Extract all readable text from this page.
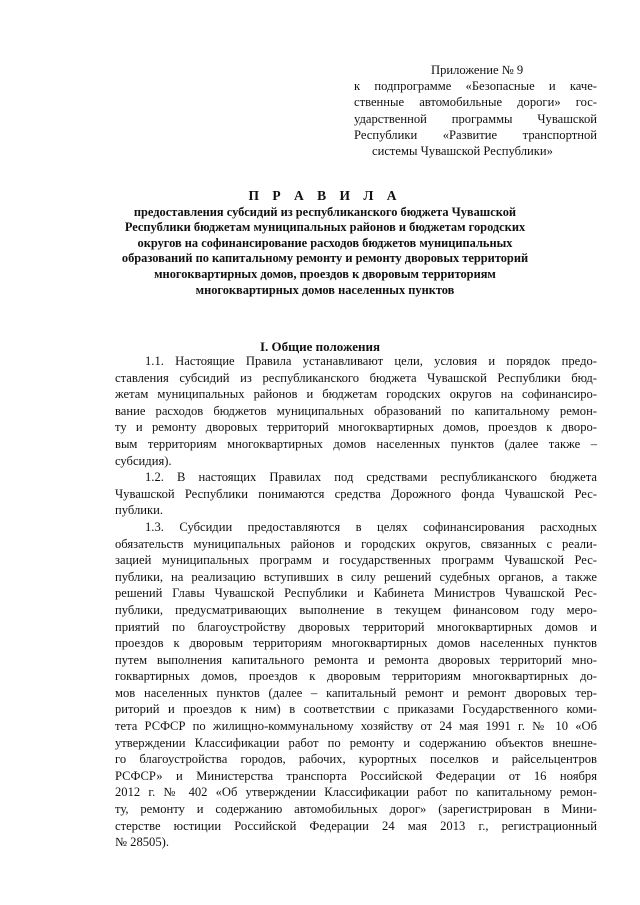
Приложение № 9
к подпрограмме «Безопасные и каче-
ственные автомобильные дороги» гос-
ударственной программы Чувашской
Республики «Развитие транспортной
системы Чувашской Республики»
П Р А В И Л А
предоставления субсидий из республиканского бюджета Чувашской
Республики бюджетам муниципальных районов и бюджетам городских
округов на софинансирование расходов бюджетов муниципальных
образований по капитальному ремонту и ремонту дворовых территорий
многоквартирных домов, проездов к дворовым территориям
многоквартирных домов населенных пунктов
I. Общие положения

1.1. Настоящие Правила устанавливают цели, условия и порядок предо-
ставления субсидий из республиканского бюджета Чувашской Республики бюд-
жетам муниципальных районов и бюджетам городских округов на софинансиро-
вание расходов бюджетов муниципальных образований по капитальному ремон-
ту и ремонту дворовых территорий многоквартирных домов, проездов к дворо-
вым территориям многоквартирных домов населенных пунктов (далее также –
субсидия).

1.2. В настоящих Правилах под средствами республиканского бюджета
Чувашской Республики понимаются средства Дорожного фонда Чувашской Рес-
публики.

1.3. Субсидии предоставляются в целях софинансирования расходных
обязательств муниципальных районов и городских округов, связанных с реали-
зацией муниципальных программ и государственных программ Чувашской Рес-
публики, на реализацию вступивших в силу решений судебных органов, а также
решений Главы Чувашской Республики и Кабинета Министров Чувашской Рес-
публики, предусматривающих выполнение в текущем финансовом году меро-
приятий по благоустройству дворовых территорий многоквартирных домов и
проездов к дворовым территориям многоквартирных домов населенных пунктов
путем выполнения капитального ремонта и ремонта дворовых территорий мно-
гоквартирных домов, проездов к дворовым территориям многоквартирных до-
мов населенных пунктов (далее – капитальный ремонт и ремонт дворовых тер-
риторий и проездов к ним) в соответствии с приказами Государственного коми-
тета РСФСР по жилищно-коммунальному хозяйству от 24 мая 1991 г. № 10 «Об
утверждении Классификации работ по ремонту и содержанию объектов внешне-
го благоустройства городов, рабочих, курортных поселков и райсельцентров
РСФСР» и Министерства транспорта Российской Федерации от 16 ноября
2012 г. № 402 «Об утверждении Классификации работ по капитальному ремон-
ту, ремонту и содержанию автомобильных дорог» (зарегистрирован в Мини-
стерстве юстиции Российской Федерации 24 мая 2013 г., регистрационный
№ 28505).
